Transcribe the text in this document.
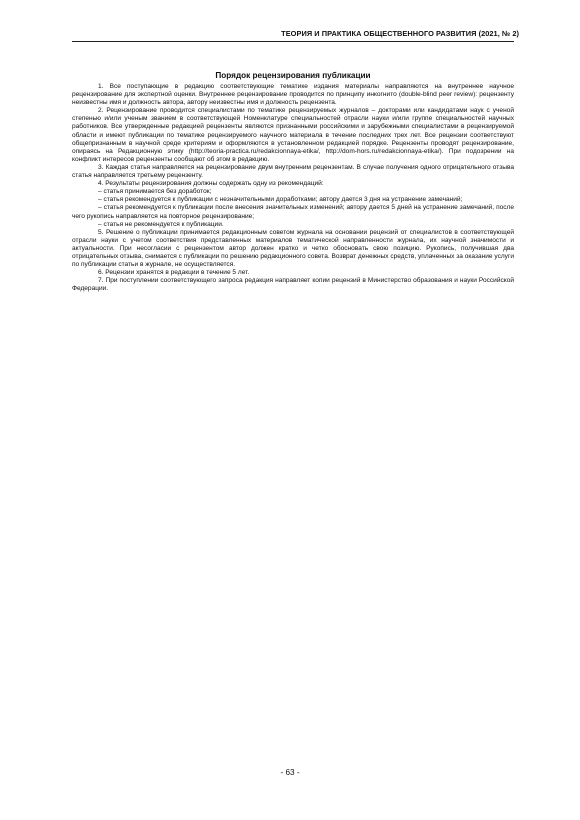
ТЕОРИЯ И ПРАКТИКА ОБЩЕСТВЕННОГО РАЗВИТИЯ (2021, № 2)
Порядок рецензирования публикации

1. Все поступающие в редакцию соответствующие тематике издания материалы направляются на внутреннее научное рецензирование для экспертной оценки. Внутреннее рецензирование проводится по принципу инкогнито (double-blind peer review): рецензенту неизвестны имя и должность автора, автору неизвестны имя и должность рецензента.

2. Рецензирование проводится специалистами по тематике рецензируемых журналов – докторами или кандидатами наук с ученой степенью и/или ученым званием в соответствующей Номенклатуре специальностей отрасли науки и/или группе специальностей научных работников. Все утвержденные редакцией рецензенты являются признанными российскими и зарубежными специалистами в рецензируемой области и имеют публикации по тематике рецензируемого научного материала в течение последних трех лет. Все рецензии соответствуют общепризнанным в научной среде критериям и оформляются в установленном редакцией порядке. Рецензенты проводят рецензирование, опираясь на Редакционную этику (http://teoria-practica.ru/redakcionnaya-etika/, http://dom-hors.ru/redakcionnaya-etika/). При подозрении на конфликт интересов рецензенты сообщают об этом в редакцию.

3. Каждая статья направляется на рецензирование двум внутренним рецензентам. В случае получения одного отрицательного отзыва статья направляется третьему рецензенту.

4. Результаты рецензирования должны содержать одну из рекомендаций:

– статья принимается без доработок;

– статья рекомендуется к публикации с незначительными доработками; автору дается 3 дня на устранение замечаний;

– статья рекомендуется к публикации после внесения значительных изменений; автору дается 5 дней на устранение замечаний, после чего рукопись направляется на повторное рецензирование;

– статья не рекомендуется к публикации.

5. Решение о публикации принимается редакционным советом журнала на основании рецензий от специалистов в соответствующей отрасли науки с учетом соответствия представленных материалов тематической направленности журнала, их научной значимости и актуальности. При несогласии с рецензентом автор должен кратко и четко обосновать свою позицию. Рукопись, получившая два отрицательных отзыва, снимается с публикации по решению редакционного совета. Возврат денежных средств, уплаченных за оказание услуги по публикации статьи в журнале, не осуществляется.

6. Рецензии хранятся в редакции в течение 5 лет.

7. При поступлении соответствующего запроса редакция направляет копии рецензий в Министерство образования и науки Российской Федерации.

- 63 -
